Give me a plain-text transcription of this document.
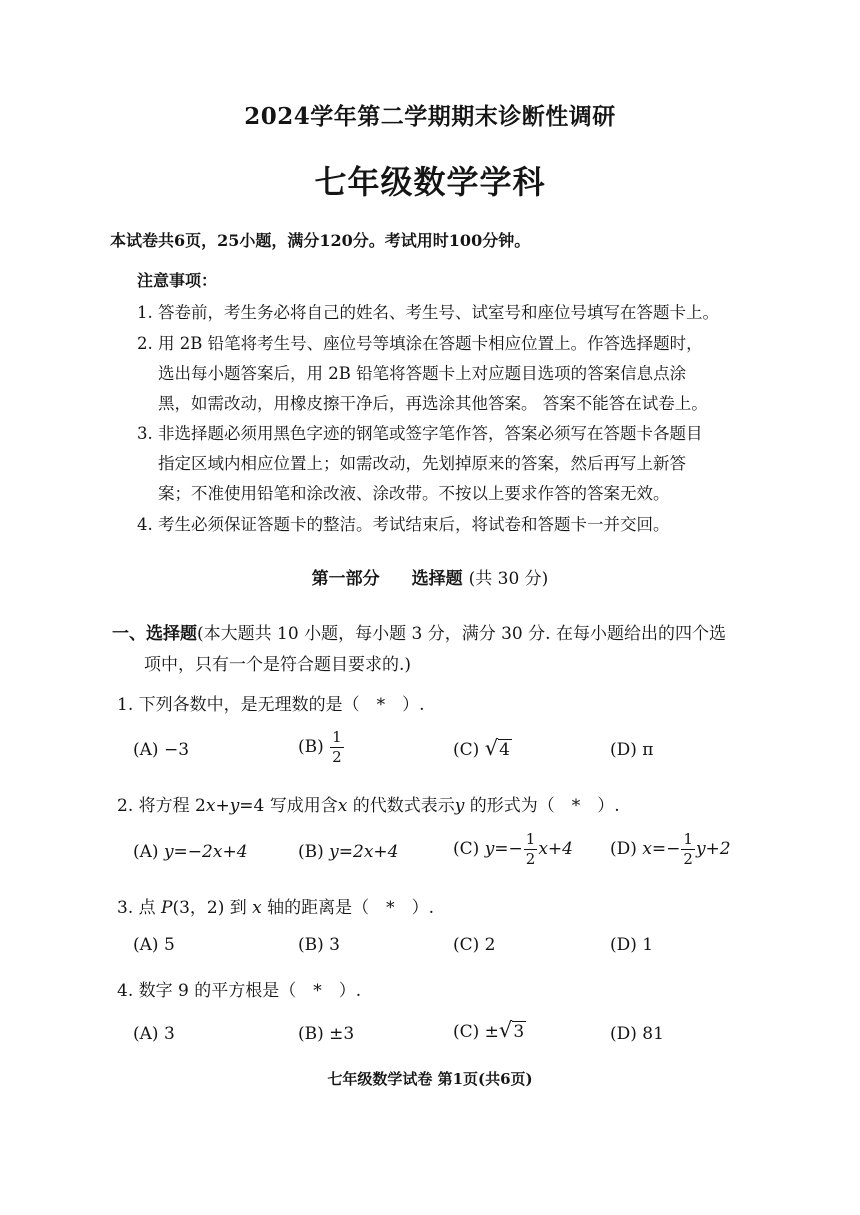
2024学年第二学期期末诊断性调研
七年级数学学科
本试卷共6页，25小题，满分120分。考试用时100分钟。
注意事项：
1. 答卷前，考生务必将自己的姓名、考生号、试室号和座位号填写在答题卡上。
2. 用 2B 铅笔将考生号、座位号等填涂在答题卡相应位置上。作答选择题时，
选出每小题答案后，用 2B 铅笔将答题卡上对应题目选项的答案信息点涂
黑，如需改动，用橡皮擦干净后，再选涂其他答案。 答案不能答在试卷上。
3. 非选择题必须用黑色字迹的钢笔或签字笔作答，答案必须写在答题卡各题目
指定区域内相应位置上；如需改动，先划掉原来的答案，然后再写上新答
案；不准使用铅笔和涂改液、涂改带。不按以上要求作答的答案无效。
4. 考生必须保证答题卡的整洁。考试结束后，将试卷和答题卡一并交回。
第一部分 选择题 (共 30 分)
一、选择题(本大题共 10 小题，每小题 3 分，满分 30 分. 在每小题给出的四个选
项中，只有一个是符合题目要求的.)
1. 下列各数中，是无理数的是（　*　）.
(A) −3	$(B) \frac{1}{2}$	(C) √4	(D) π
2. 将方程 2x+y=4 写成用含x 的代数式表示y 的形式为（　*　）.
(A) y=−2x+4	(B) y=2x+4	(C) $y=- \frac{1}{2} x+4$ (D) $x=- \frac{1}{2} y+2$
3. 点 P(3，2) 到 x 轴的距离是（　*　）.
(A) 5	(B) 3	(C) 2	(D) 1
4. 数字 9 的平方根是（　*　）.
(A) 3	(B) ±3	(C) ±√3	(D) 81
七年级数学试卷 第1页(共6页)
